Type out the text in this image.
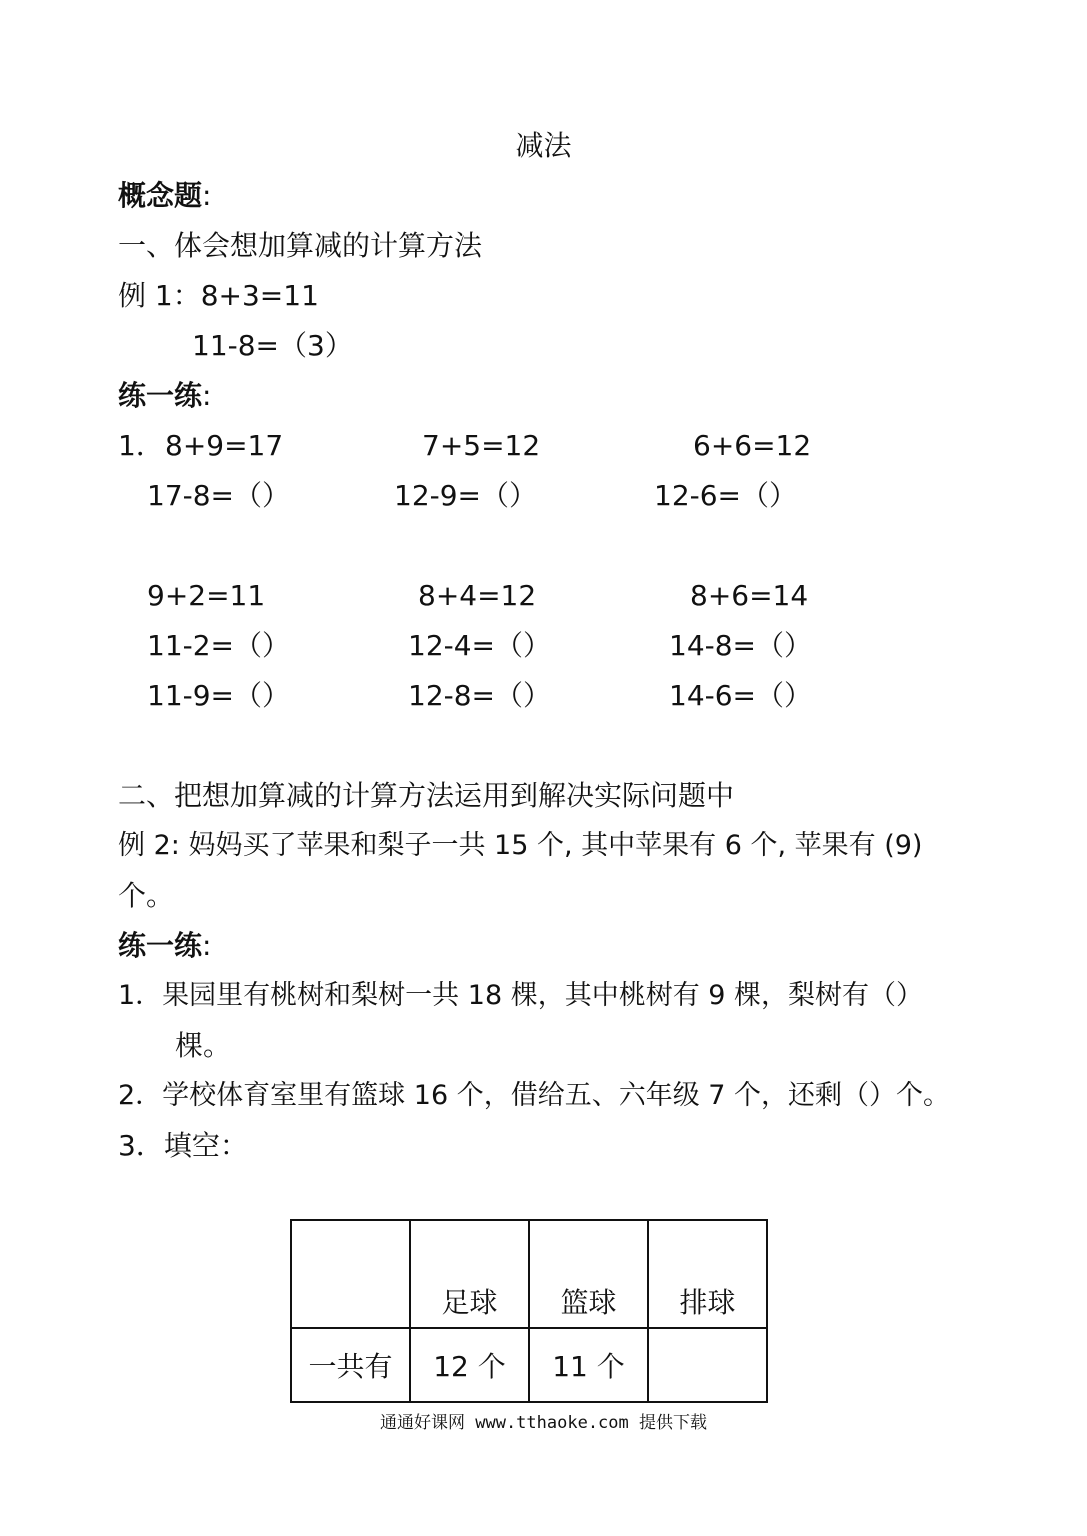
减法
概念题:
一、体会想加算减的计算方法
例 1：8+3=11
11-8=（3）
练一练:
1． 8+9=17	7+5=12	6+6=12
17-8=（）	12-9=（）	12-6=（）
9+2=11	8+4=12	8+6=14
11-2=（）	12-4=（）	14-8=（）
11-9=（）	12-8=（）	14-6=（）
二、把想加算减的计算方法运用到解决实际问题中
例 2: 妈妈买了苹果和梨子一共 15 个, 其中苹果有 6 个, 苹果有 (9)
个。
练一练:
1．果园里有桃树和梨树一共 18 棵，其中桃树有 9 棵，梨树有（）
棵。
2．学校体育室里有篮球 16 个，借给五、六年级 7 个，还剩（）个。
3．填空：
	足球	篮球	排球
一共有	12 个	11 个	
通通好课网 www.tthaoke.com 提供下载
